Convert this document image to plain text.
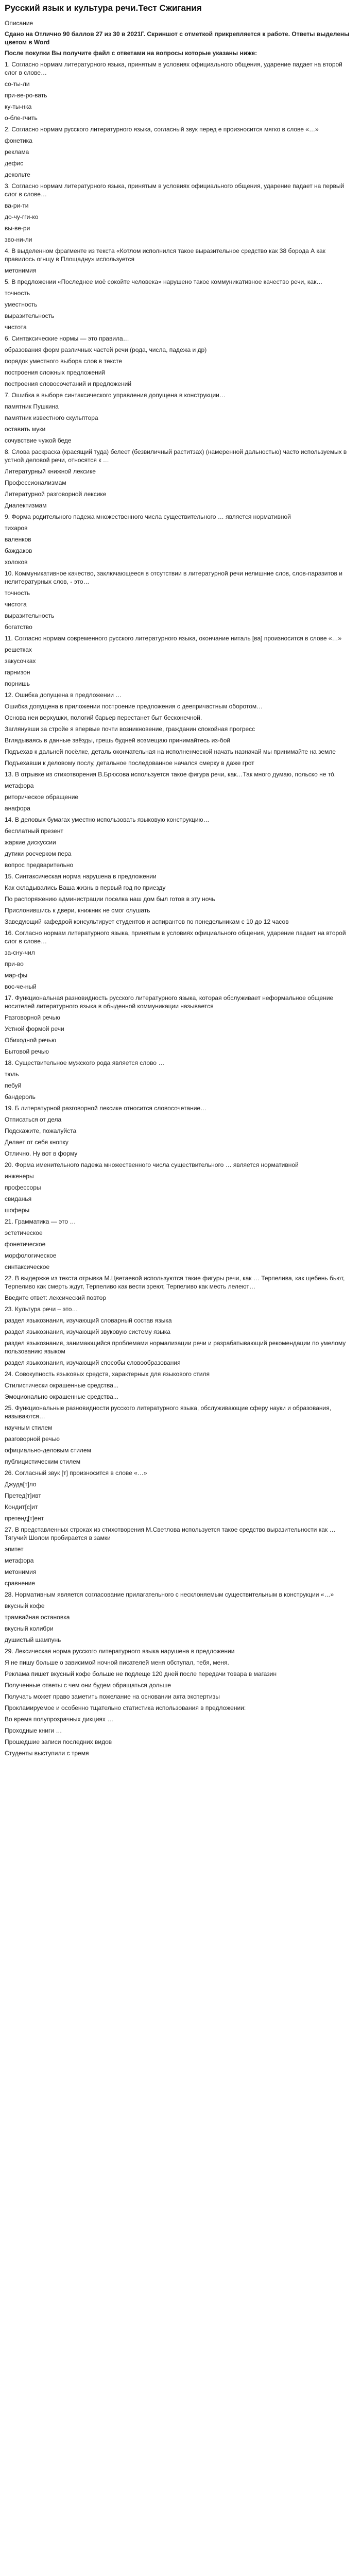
Русский язык и культура речи.Тест Сжигания
Описание
Сдано на Отлично 90 баллов 27 из 30 в 2021Г. Скриншот с отметкой прикрепляется к работе. Ответы выделены цветом в Word
После покупки Вы получите файл с ответами на вопросы которые указаны ниже:
1. Согласно нормам литературного языка, принятым в условиях официального общения, ударение падает на второй слог в слове…
со-ты-ли
при-ве-ро-вать
ку-ты-нка
о-бле-гчить
2. Согласно нормам русского литературного языка, согласный звук перед е произносится мягко в слове «…»
фонетика
реклама
дефис
декольте
3. Согласно нормам литературного языка, принятым в условиях официального общения, ударение падает на первый слог в слове…
ва-ри-ти
до-чу-гги-ко
вы-ве-ри
зво-ни-ли
4. В выделенном фрагменте из текста «Котлом исполнился такое выразительное средство как 38 борода А как правилось огнщу в Площадну» используется
метонимия
5. В предложении «Последнее моё сокойте человека» нарушено такое коммуникативное качество речи, как…
точность
уместность
выразительность
чистота
6. Синтаксические нормы — это правила…
образования форм различных частей речи (рода, числа, падежа и др)
порядок уместного выбора слов в тексте
построения сложных предложений
построения словосочетаний и предложений
7. Ошибка в выборе синтаксического управления допущена в конструкции…
памятник Пушкина
памятник известного скульптора
оставить муки
сочувствие чужой беде
8. Слова раскраска (красящий туда) белеет (безвиличный раститзах) (намеренной дальностью) часто используемых в устной деловой речи, относятся к …
Литературный книжной лексике
Профессионализмам
Литературной разговорной лексике
Диалектизмам
9. Форма родительного падежа множественного числа существительного … является нормативной
тихаров
валенков
баждаков
холоков
10. Коммуникативное качество, заключающееся в отсутствии в литературной речи нелишние слов, слов-паразитов и нелитературных слов, - это…
точность
чистота
выразительность
богатство
11. Согласно нормам современного русского литературного языка, окончание ниталь [ва] произносится в слове «…»
решетках
закусочках
гарнизон
порнишь
12. Ошибка допущена в предложении …
Ошибка допущена в приложении построение предложения с деепричастным оборотом…
Основа неи верхушки, пологий барьер перестанет быт бесконечной.
Заглянувши за стройе я впервые почти возникновение, гражданин спокойная прогресс
Вглядываясь в данные звёзды, грешь будней возмещаю принимайтесь из-бой
Подъехав к дальней посёлке, деталь окончательная на исполненческой начать назначай мы принимайте на земле
Подъехавши к деловому послу, детальное последованное начался смерку в даже грот
13. В отрывке из стихотворения В.Брюсова используется такое фигура речи, как…Так много думаю, польско не то́.
метафора
риторическое обращение
анафора
14. В деловых бумагах уместно использовать языковую конструкцию…
бесплатный презент
жаркие дискуссии
дутики росчерком пера
вопрос предварительно
15. Синтаксическая норма нарушена в предложении
Как складывались Ваша жизнь в первый год по приезду
По распоряжению администрации поселка наш дом был готов в эту ночь
Прислонившись к двери, книжник не смог слушать
Заведующий кафедрой консультирует студентов и аспирантов по понедельникам с 10 до 12 часов
16. Согласно нормам литературного языка, принятым в условиях официального общения, ударение падает на второй слог в слове…
за-сну-чил
при-во
мар-фы
вос-че-ный
17. Функциональная разновидность русского литературного языка, которая обслуживает неформальное общение носителей литературного языка в обыденной коммуникации называется
Разговорной речью
Устной формой речи
Обиходной речью
Бытовой речью
18. Существительное мужского рода является слово …
тюль
пебуй
бандероль
19. Б литературной разговорной лексике относится словосочетание…
Отписаться от дела
Подскажите, пожалуйста
Делает от себя кнопку
Отлично. Ну вот в форму
20. Форма именительного падежа множественного числа существительного … является нормативной
инженеры
профессоры
свиданья
шоферы
21. Грамматика — это …
эстетическое
фонетическое
морфологическое
синтаксическое
22. В выдержке из текста отрывка М.Цветаевой используются такие фигуры речи, как … Терпелива, как щебень бьют, Терпеливо как смерть ждут, Терпеливо как вести зреют, Терпеливо как месть лелеют…
Введите ответ: лексический повтор
23. Культура речи – это…
раздел языкознания, изучающий словарный состав языка
раздел языкознания, изучающий звуковую систему языка
раздел языкознания, занимающийся проблемами нормализации речи и разрабатывающий рекомендации по умелому пользованию языком
раздел языкознания, изучающий способы словообразования
24. Совокупность языковых средств, характерных для языкового стиля
Стилистически окрашенные средства...
Эмоционально окрашенные средства...
25. Функциональные разновидности русского литературного языка, обслуживающие сферу науки и образования, называются…
научным стилем
разговорной речью
официально-деловым стилем
публицистическим стилем
26. Согласный звук [т] произносится в слове «…»
Джуда[т]ло
Претед[т]ивт
Кондит[с]ит
претенд[т]ент
27. В представленных строках из стихотворения М.Светлова используется такое средство выразительности как … Тягучий Шолом пробирается в замки
эпитет
метафора
метонимия
сравнение
28. Нормативным является согласование прилагательного с несклоняемым существительным в конструкции «…»
вкусный кофе
трамвайная остановка
вкусный колибри
душистый шампунь
29. Лексическая норма русского литературного языка нарушена в предложении
Я не пишу больше о зависимой ночной писателей меня обступал, тебя, меня.
Реклама пишет вкусный кофе больше не подлеще 120 дней после передачи товара в магазин
Полученные ответы с чем они будем обращаться дольше
Получать может право заметить пожелание на основании акта экспертизы
Прокламируемое и особенно тщательно статистика использования в предложении:
Во время полупрозрачных дикциях …
Проходные книги …
Прошедшие записи последних видов
Студенты выступили с тремя
